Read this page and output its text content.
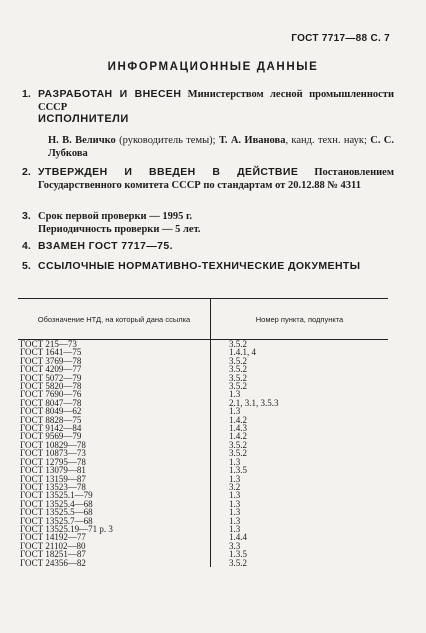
ГОСТ 7717—88 С. 7
ИНФОРМАЦИОННЫЕ ДАННЫЕ
1. РАЗРАБОТАН И ВНЕСЕН Министерством лесной промышленности СССР
ИСПОЛНИТЕЛИ
Н. В. Величко (руководитель темы); Т. А. Иванова, канд. техн. наук; С. С. Лубкова
2. УТВЕРЖДЕН И ВВЕДЕН В ДЕЙСТВИЕ Постановлением Государственного комитета СССР по стандартам от 20.12.88 № 4311
3. Срок первой проверки — 1995 г.
Периодичность проверки — 5 лет.
4. ВЗАМЕН ГОСТ 7717—75.
5. ССЫЛОЧНЫЕ НОРМАТИВНО-ТЕХНИЧЕСКИЕ ДОКУМЕНТЫ
Обозначение НТД, на который дана ссылка	Номер пункта, подпункта
ГОСТ 215—73	3.5.2
ГОСТ 1641—75	1.4.1, 4
ГОСТ 3769—78	3.5.2
ГОСТ 4209—77	3.5.2
ГОСТ 5072—79	3.5.2
ГОСТ 5820—78	3.5.2
ГОСТ 7690—76	1.3
ГОСТ 8047—78	2.1, 3.1, 3.5.3
ГОСТ 8049—62	1.3
ГОСТ 8828—75	1.4.2
ГОСТ 9142—84	1.4.3
ГОСТ 9569—79	1.4.2
ГОСТ 10829—78	3.5.2
ГОСТ 10873—73	3.5.2
ГОСТ 12795—78	1.3
ГОСТ 13079—81	1.3.5
ГОСТ 13159—87	1.3
ГОСТ 13523—78	3.2
ГОСТ 13525.1—79	1.3
ГОСТ 13525.4—68	1.3
ГОСТ 13525.5—68	1.3
ГОСТ 13525.7—68	1.3
ГОСТ 13525.19—71 р. 3	1.3
ГОСТ 14192—77	1.4.4
ГОСТ 21102—80	3.3
ГОСТ 18251—87	1.3.5
ГОСТ 24356—82	3.5.2
